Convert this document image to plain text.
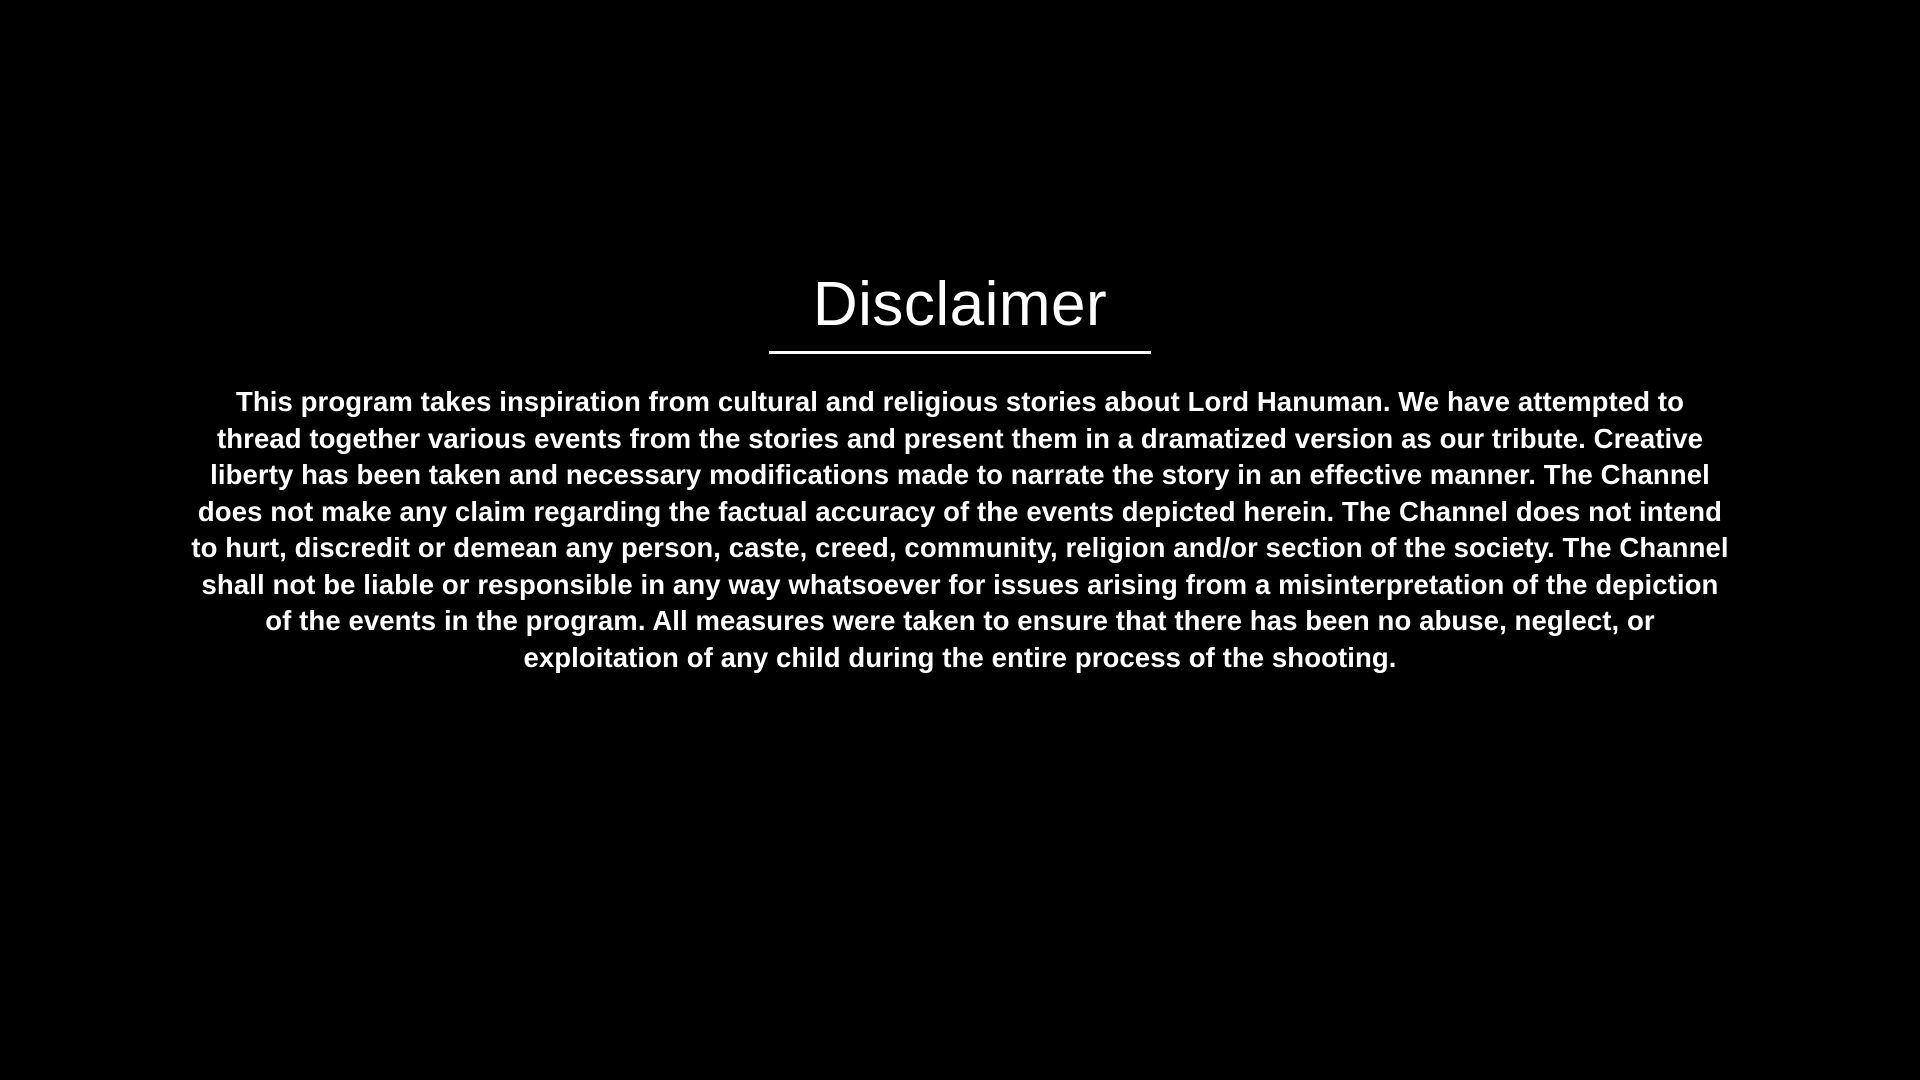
Disclaimer
This program takes inspiration from cultural and religious stories about Lord Hanuman. We have attempted to thread together various events from the stories and present them in a dramatized version as our tribute. Creative liberty has been taken and necessary modifications made to narrate the story in an effective manner. The Channel does not make any claim regarding the factual accuracy of the events depicted herein. The Channel does not intend to hurt, discredit or demean any person, caste, creed, community, religion and/or section of the society. The Channel shall not be liable or responsible in any way whatsoever for issues arising from a misinterpretation of the depiction of the events in the program. All measures were taken to ensure that there has been no abuse, neglect, or exploitation of any child during the entire process of the shooting.
